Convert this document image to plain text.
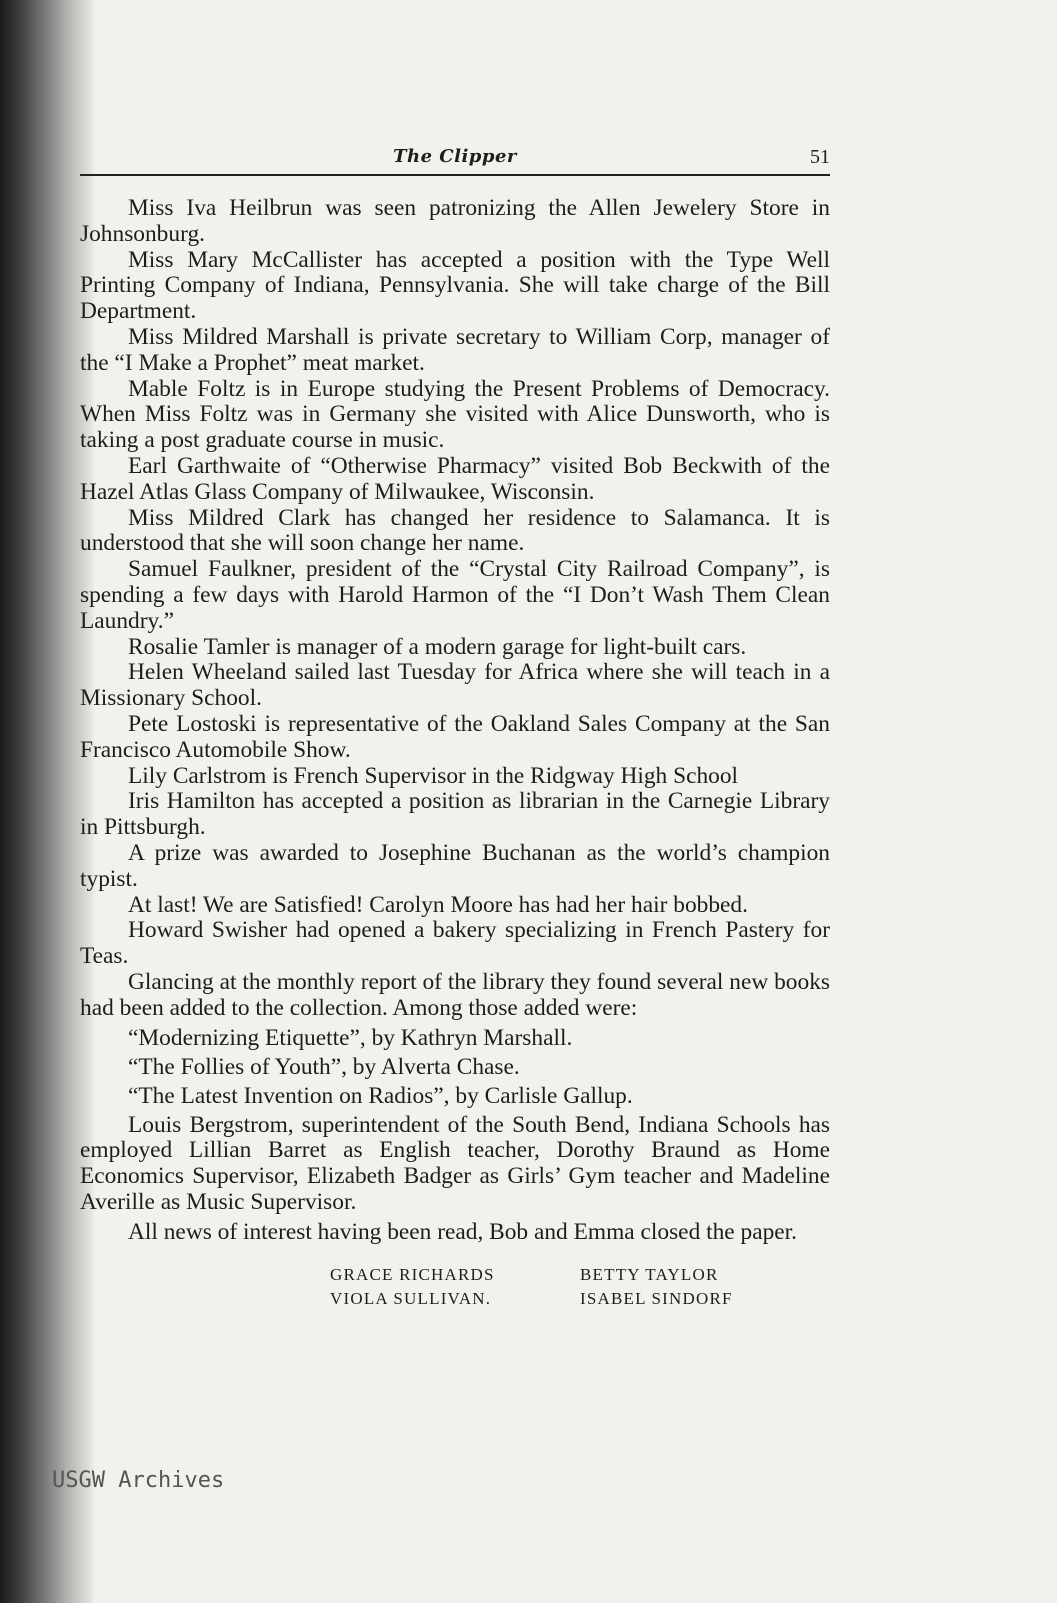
The Clipper	51

Miss Iva Heilbrun was seen patronizing the Allen Jewelery Store in Johnsonburg.

Miss Mary McCallister has accepted a position with the Type Well Printing Company of Indiana, Pennsylvania. She will take charge of the Bill Department.

Miss Mildred Marshall is private secretary to William Corp, manager of the “I Make a Prophet” meat market.

Mable Foltz is in Europe studying the Present Problems of Democracy. When Miss Foltz was in Germany she visited with Alice Dunsworth, who is taking a post graduate course in music.

Earl Garthwaite of “Otherwise Pharmacy” visited Bob Beckwith of the Hazel Atlas Glass Company of Milwaukee, Wisconsin.

Miss Mildred Clark has changed her residence to Salamanca. It is understood that she will soon change her name.

Samuel Faulkner, president of the “Crystal City Railroad Company”, is spending a few days with Harold Harmon of the “I Don’t Wash Them Clean Laundry.”

Rosalie Tamler is manager of a modern garage for light-built cars.

Helen Wheeland sailed last Tuesday for Africa where she will teach in a Missionary School.

Pete Lostoski is representative of the Oakland Sales Company at the San Francisco Automobile Show.

Lily Carlstrom is French Supervisor in the Ridgway High School

Iris Hamilton has accepted a position as librarian in the Carnegie Library in Pittsburgh.

A prize was awarded to Josephine Buchanan as the world’s champion typist.

At last! We are Satisfied! Carolyn Moore has had her hair bobbed.

Howard Swisher had opened a bakery specializing in French Pastery for Teas.

Glancing at the monthly report of the library they found several new books had been added to the collection. Among those added were:

“Modernizing Etiquette”, by Kathryn Marshall.

“The Follies of Youth”, by Alverta Chase.

“The Latest Invention on Radios”, by Carlisle Gallup.

Louis Bergstrom, superintendent of the South Bend, Indiana Schools has employed Lillian Barret as English teacher, Dorothy Braund as Home Economics Supervisor, Elizabeth Badger as Girls’ Gym teacher and Madeline Averille as Music Supervisor.

All news of interest having been read, Bob and Emma closed the paper.

GRACE RICHARDS	BETTY TAYLOR
VIOLA SULLIVAN.	ISABEL SINDORF
USGW Archives
